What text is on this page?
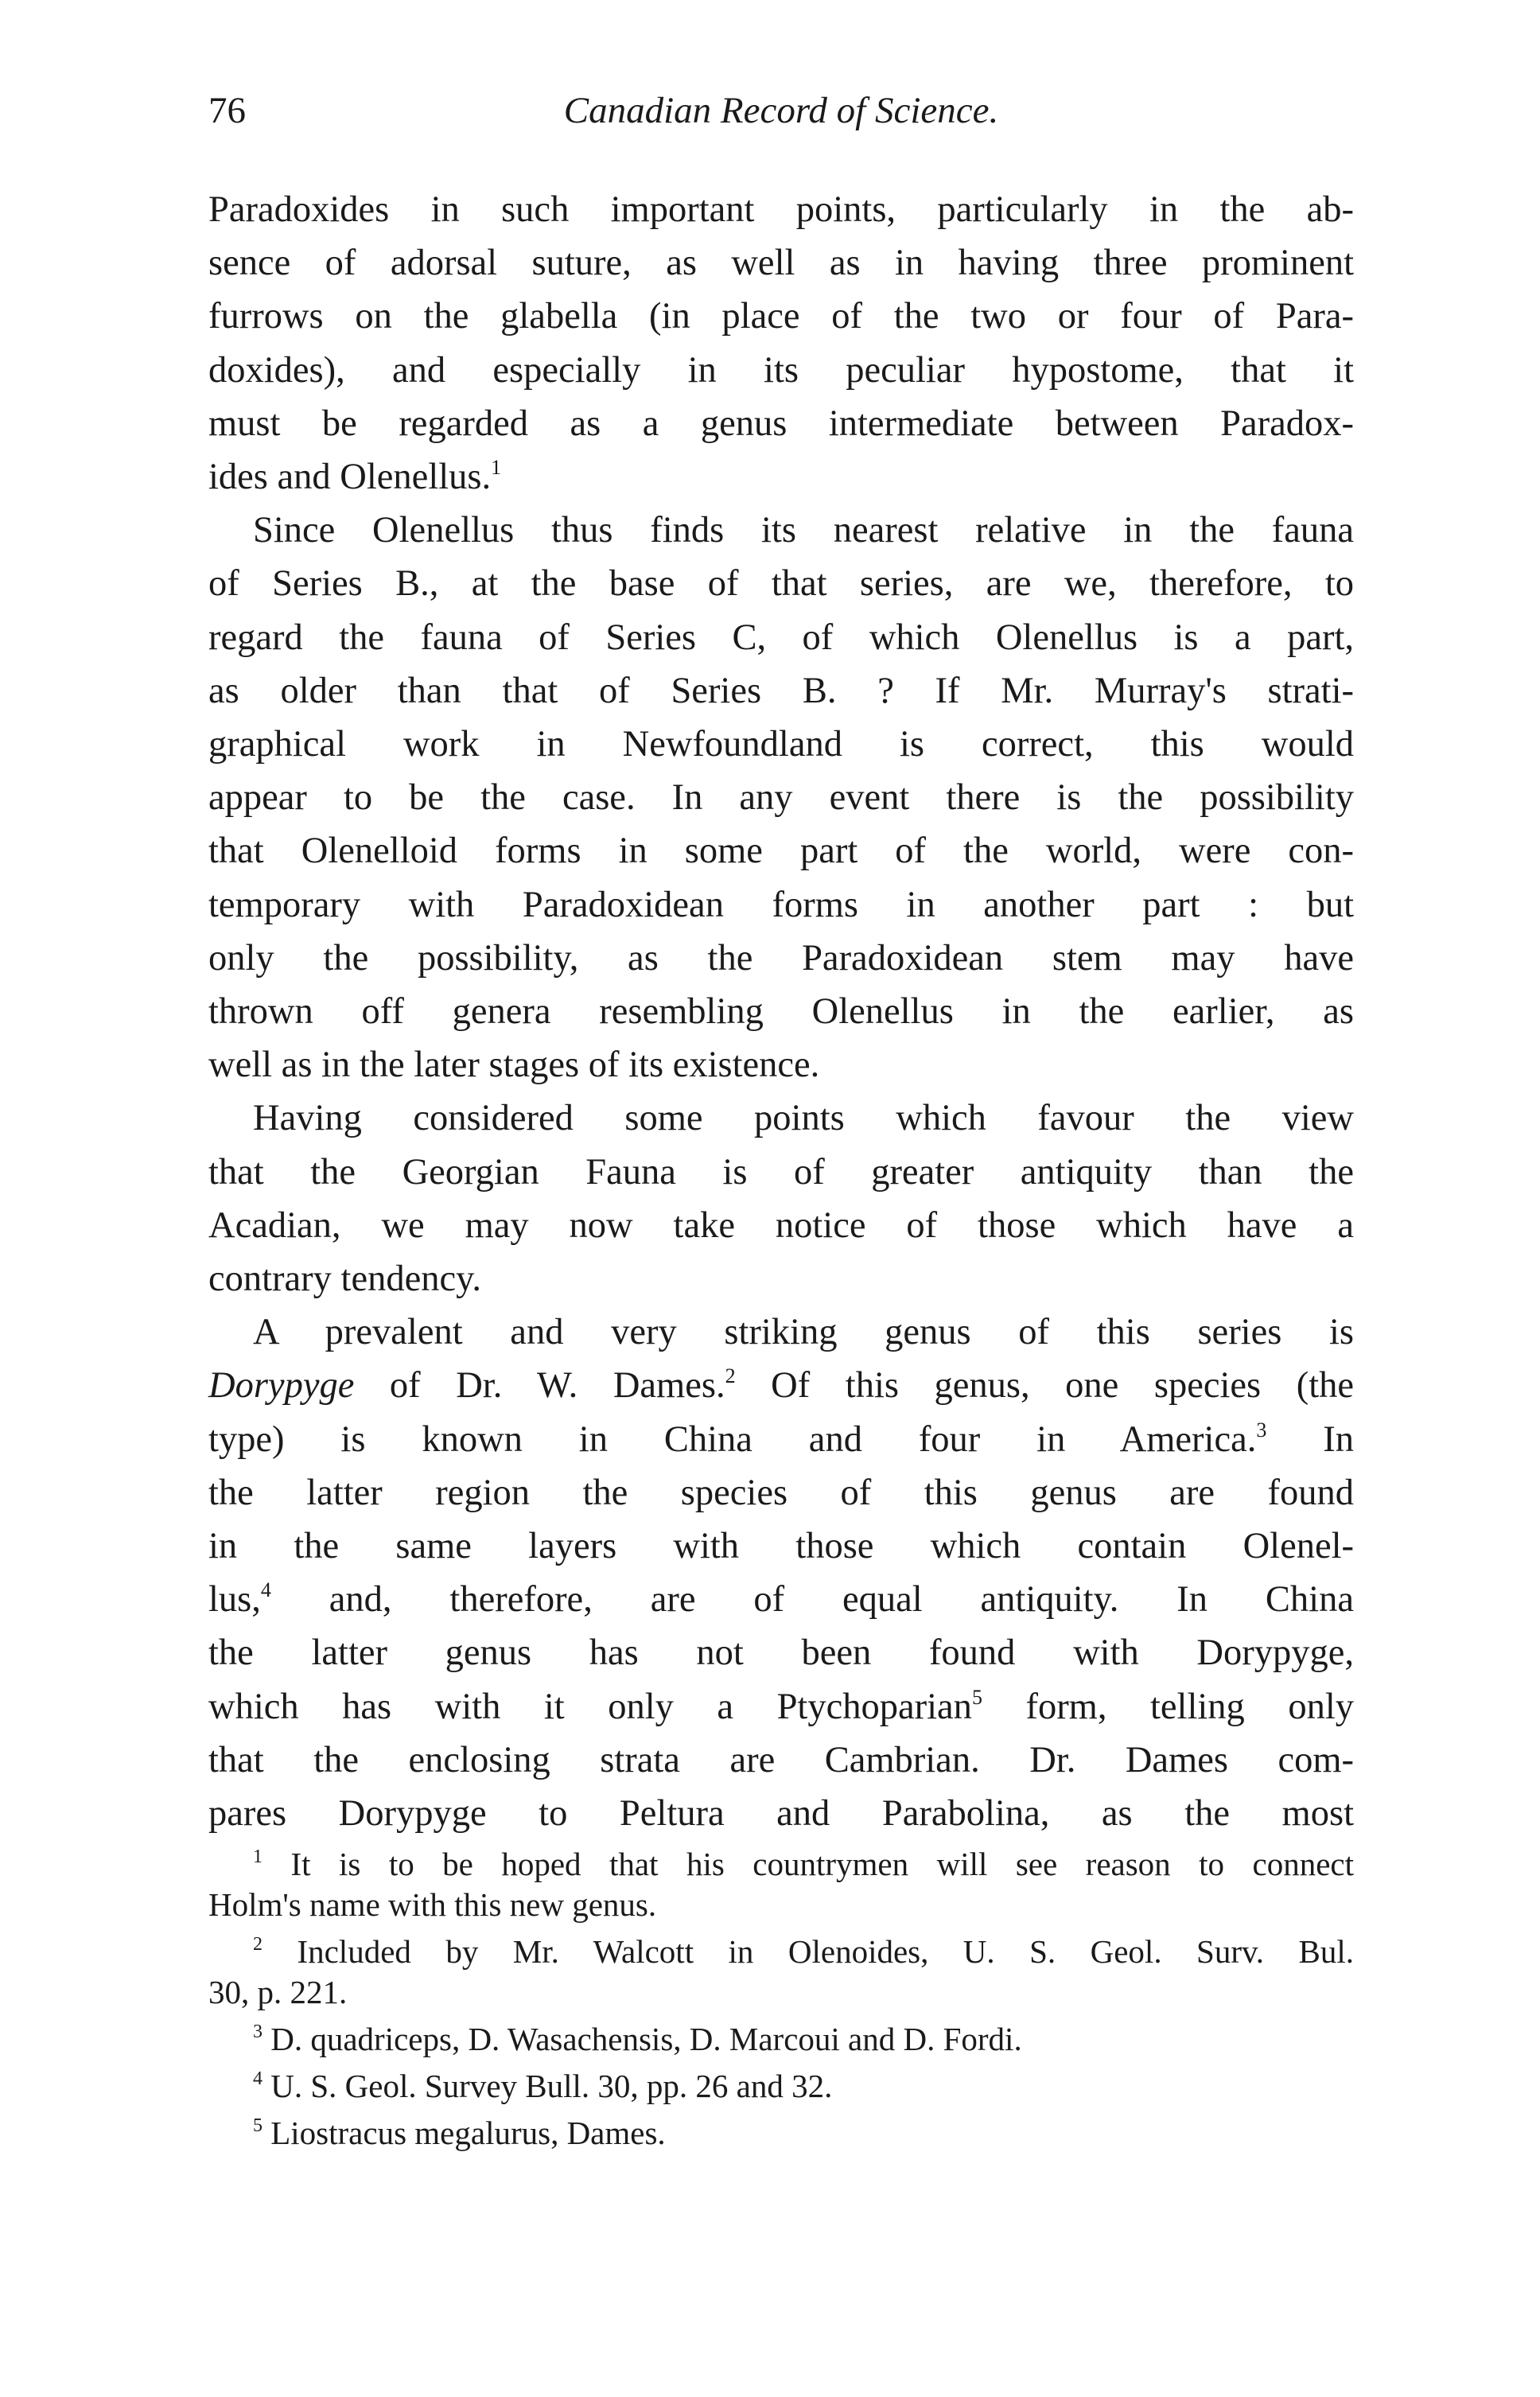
76	Canadian Record of Science.

Paradoxides in such important points, particularly in the ab-
sence of adorsal suture, as well as in having three prominent
furrows on the glabella (in place of the two or four of Para-
doxides), and especially in its peculiar hypostome, that it
must be regarded as a genus intermediate between Paradox-
ides and Olenellus.$^1$

Since Olenellus thus finds its nearest relative in the fauna
of Series B., at the base of that series, are we, therefore, to
regard the fauna of Series C, of which Olenellus is a part,
as older than that of Series B. ? If Mr. Murray's strati-
graphical work in Newfoundland is correct, this would
appear to be the case. In any event there is the possibility
that Olenelloid forms in some part of the world, were con-
temporary with Paradoxidean forms in another part : but
only the possibility, as the Paradoxidean stem may have
thrown off genera resembling Olenellus in the earlier, as
well as in the later stages of its existence.

Having considered some points which favour the view
that the Georgian Fauna is of greater antiquity than the
Acadian, we may now take notice of those which have a
contrary tendency.

A prevalent and very striking genus of this series is
Dorypyge of Dr. W. Dames.$^2$ Of this genus, one species (the
type) is known in China and four in America.$^3$ In
the latter region the species of this genus are found
in the same layers with those which contain Olenel-
lus,$^4$ and, therefore, are of equal antiquity. In China
the latter genus has not been found with Dorypyge,
which has with it only a Ptychoparian$^5$ form, telling only
that the enclosing strata are Cambrian. Dr. Dames com-
pares Dorypyge to Peltura and Parabolina, as the most

$^1$ It is to be hoped that his countrymen will see reason to connect
Holm's name with this new genus.

$^2$ Included by Mr. Walcott in Olenoides, U. S. Geol. Surv. Bul.
30, p. 221.

$^3$ D. quadriceps, D. Wasachensis, D. Marcoui and D. Fordi.

$^4$ U. S. Geol. Survey Bull. 30, pp. 26 and 32.

$^5$ Liostracus megalurus, Dames.
